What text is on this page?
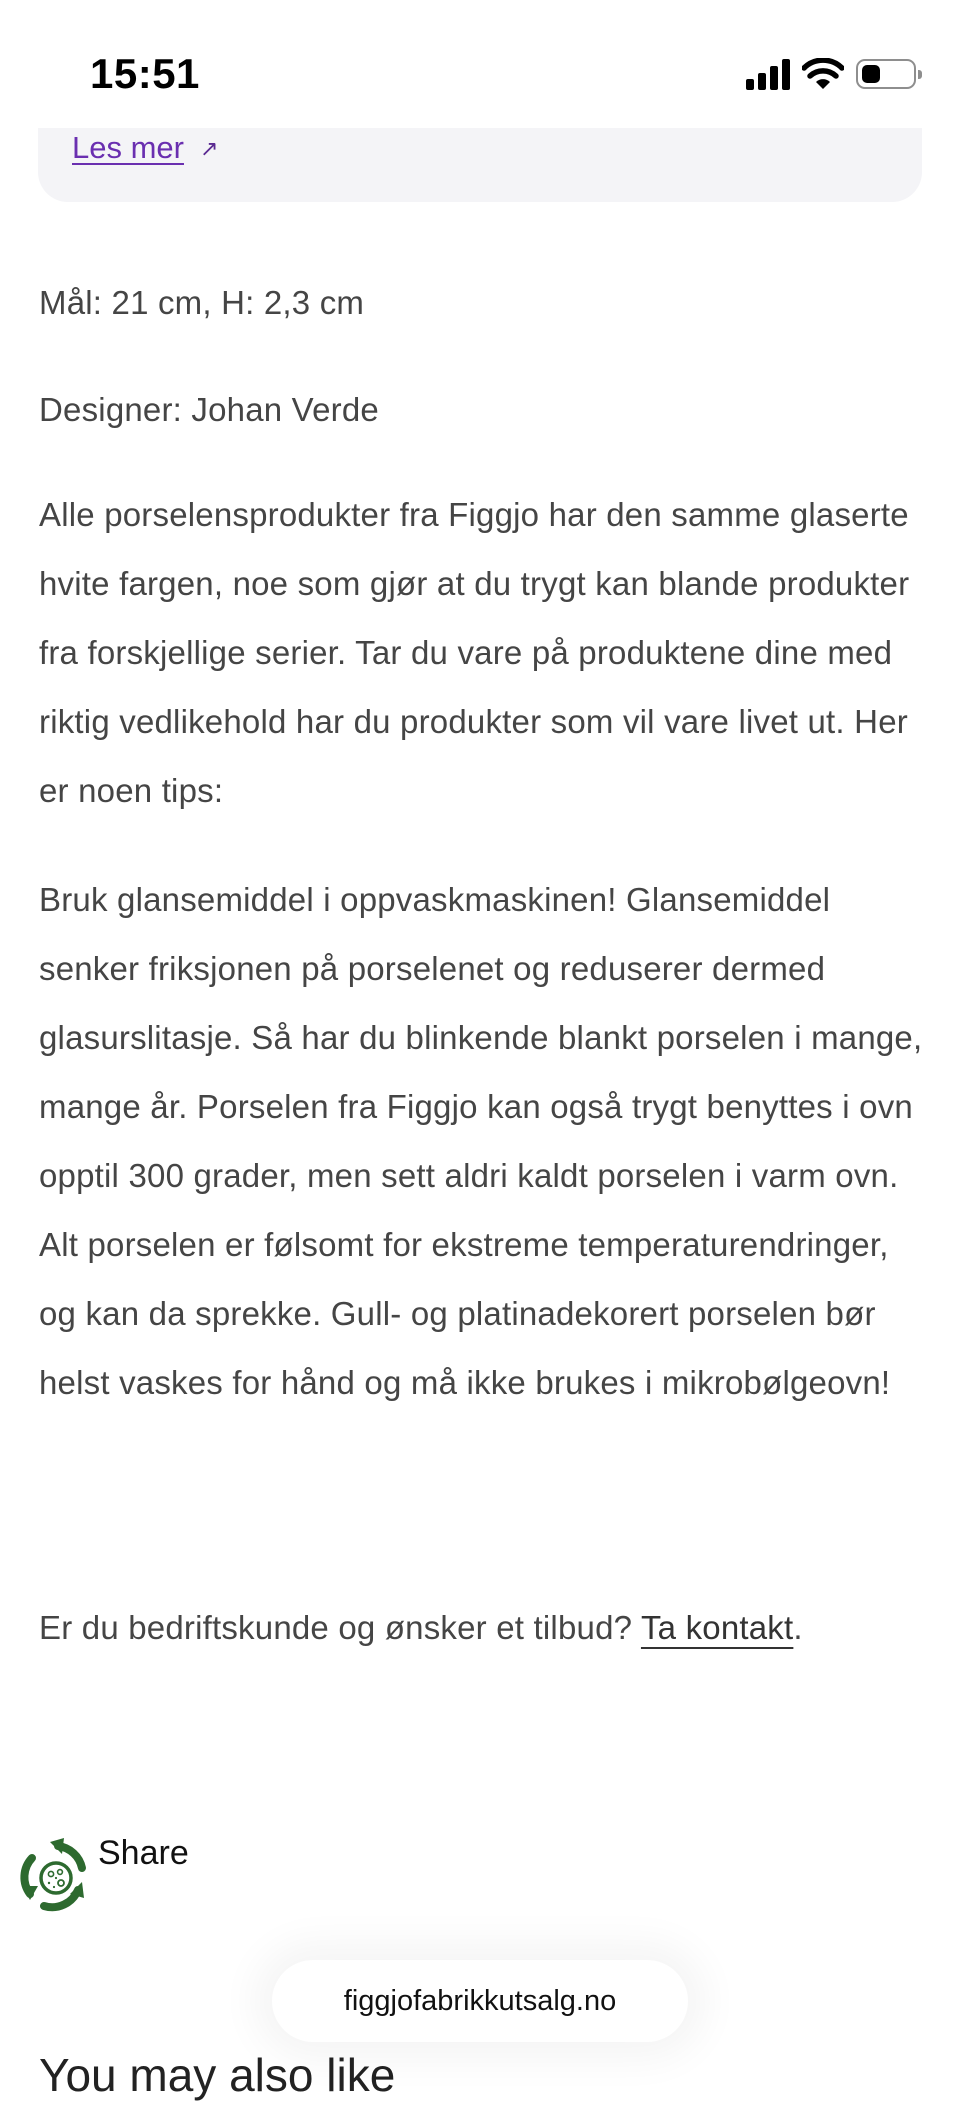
15:51
Les mer ↗

Mål: 21 cm, H: 2,3 cm

Designer: Johan Verde

Alle porselensprodukter fra Figgjo har den samme glaserte hvite fargen, noe som gjør at du trygt kan blande produkter fra forskjellige serier. Tar du vare på produktene dine med riktig vedlikehold har du produkter som vil vare livet ut. Her er noen tips:

Bruk glansemiddel i oppvaskmaskinen! Glansemiddel senker friksjonen på porselenet og reduserer dermed glasurslitasje. Så har du blinkende blankt porselen i mange, mange år. Porselen fra Figgjo kan også trygt benyttes i ovn opptil 300 grader, men sett aldri kaldt porselen i varm ovn. Alt porselen er følsomt for ekstreme temperaturendringer, og kan da sprekke. Gull- og platinadekorert porselen bør helst vaskes for hånd og må ikke brukes i mikrobølgeovn!

Er du bedriftskunde og ønsker et tilbud? Ta kontakt.

Share
figgjofabrikkutsalg.no
You may also like
